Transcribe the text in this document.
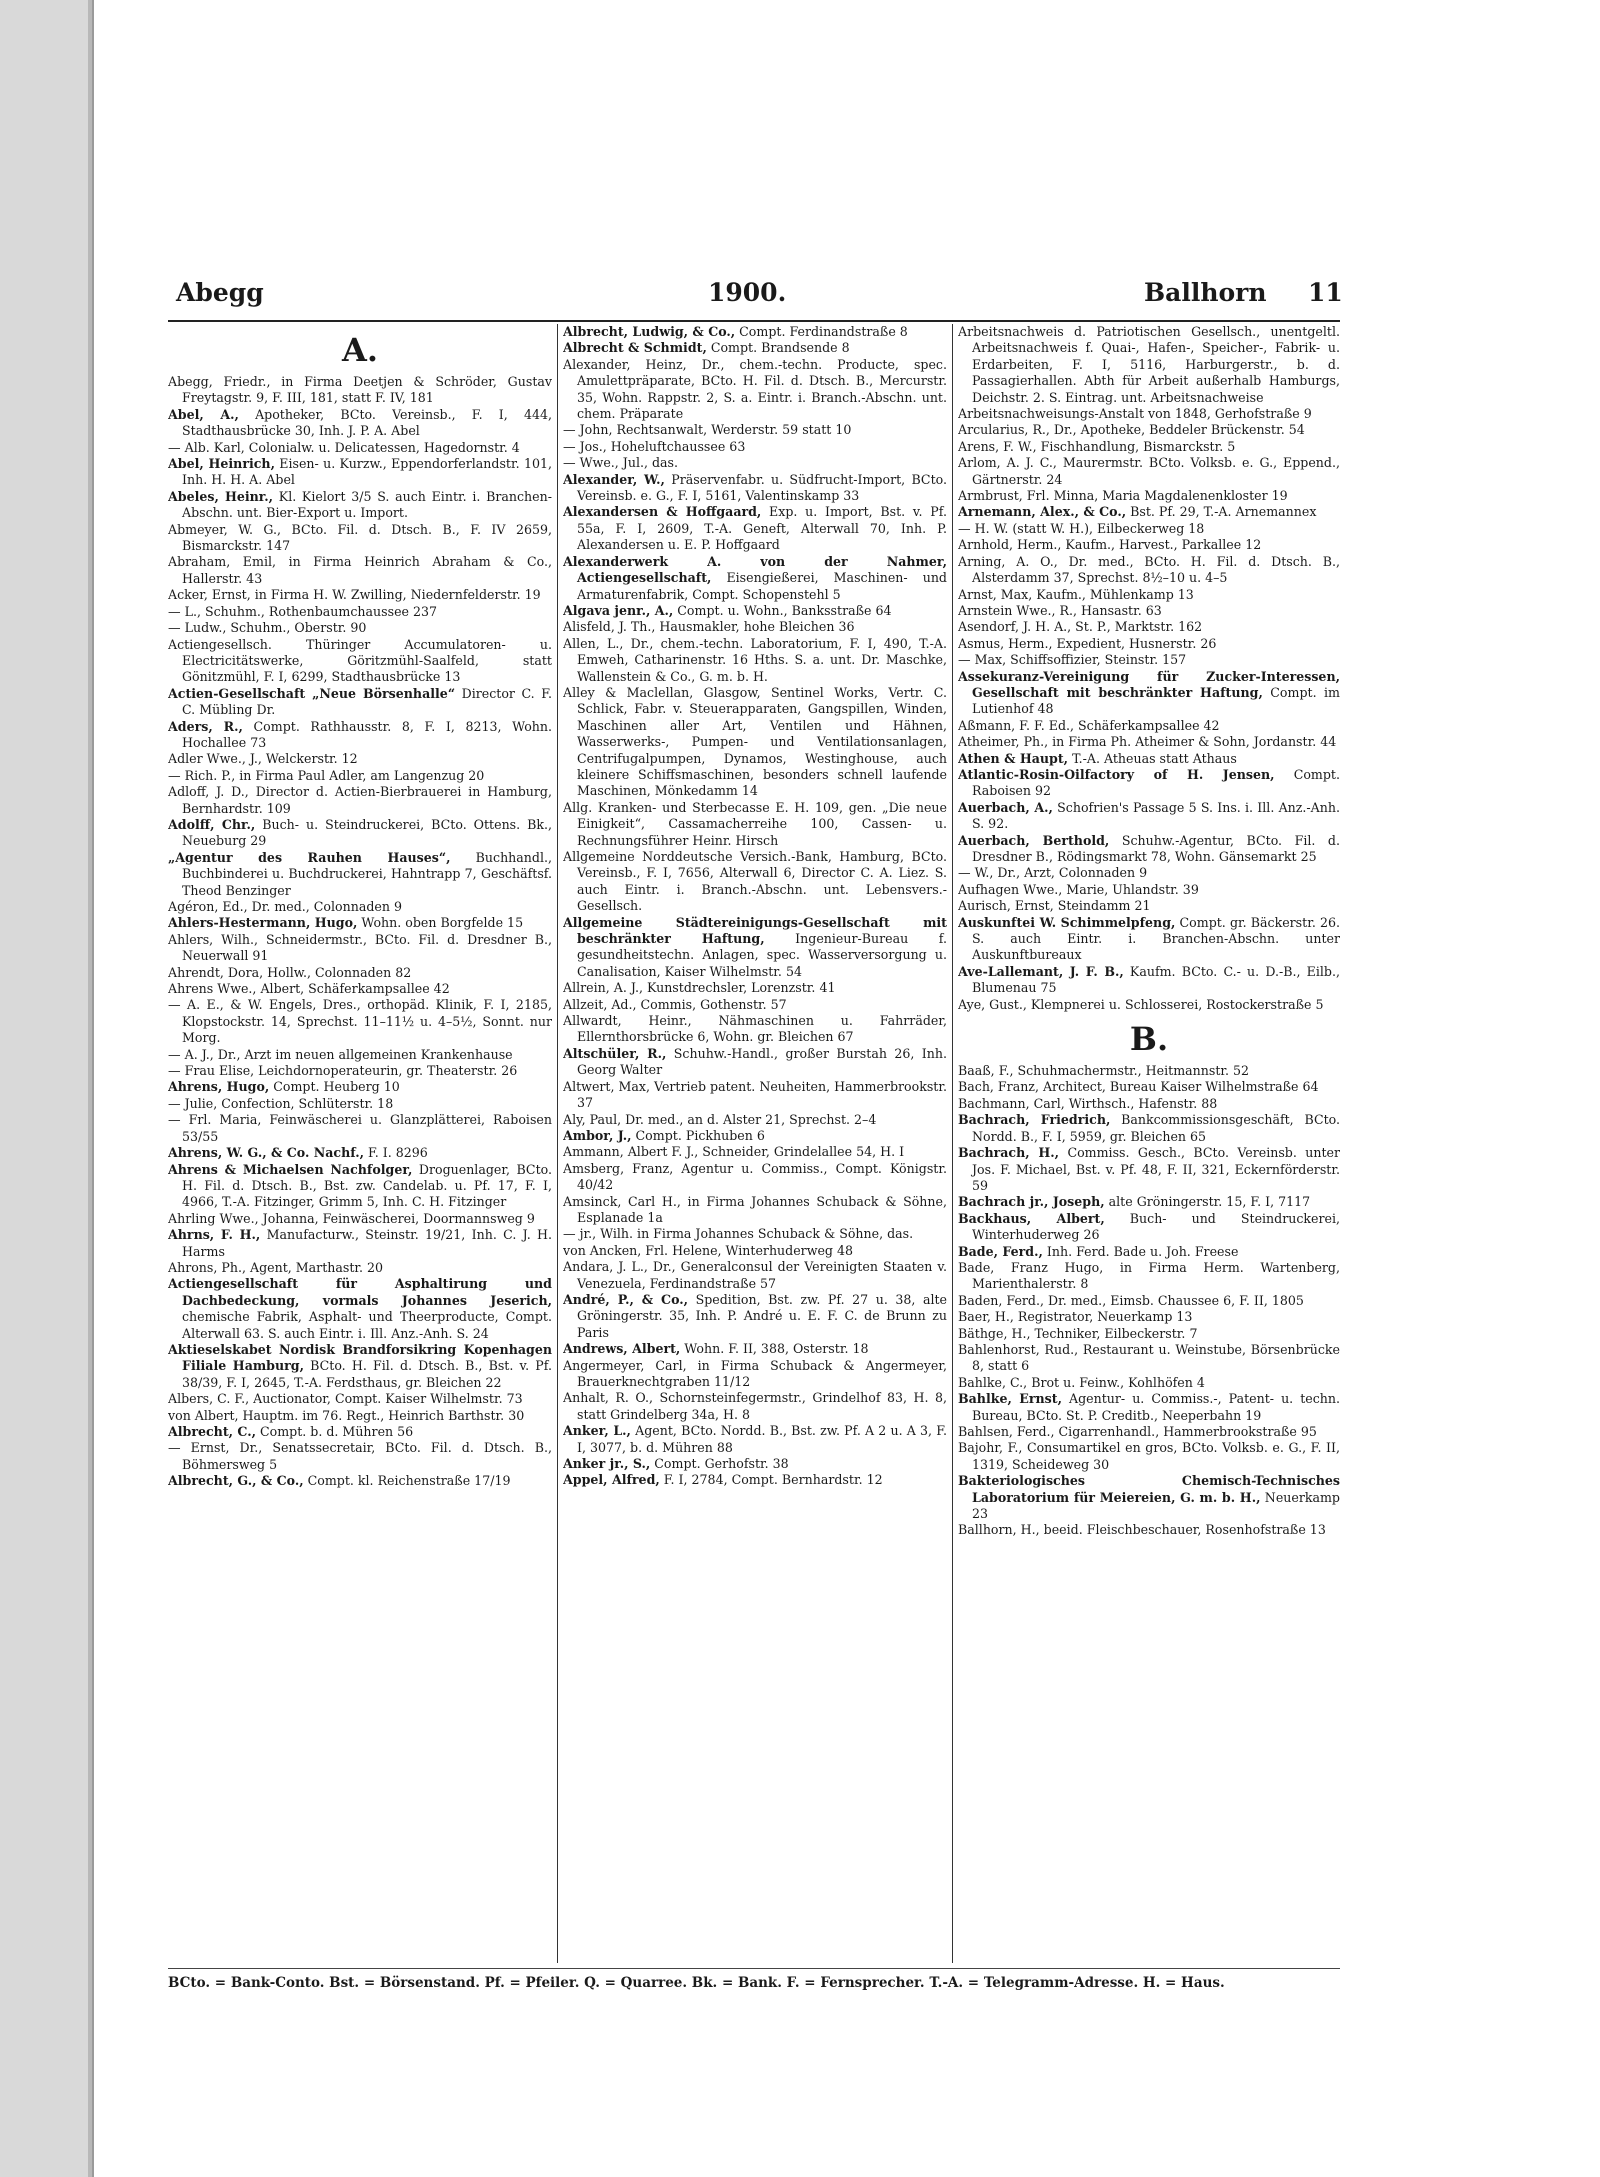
Abegg	1900.	Ballhorn 11
A.

Abegg, Friedr., in Firma Deetjen & Schröder, Gustav Freytagstr. 9, F. III, 181, statt F. IV, 181

Abel, A., Apotheker, BCto. Vereinsb., F. I, 444, Stadthausbrücke 30, Inh. J. P. A. Abel

— Alb. Karl, Colonialw. u. Delicatessen, Hagedornstr. 4

Abel, Heinrich, Eisen- u. Kurzw., Eppendorferlandstr. 101, Inh. H. H. A. Abel

Abeles, Heinr., Kl. Kielort 3/5 S. auch Eintr. i. Branchen-Abschn. unt. Bier-Export u. Import.

Abmeyer, W. G., BCto. Fil. d. Dtsch. B., F. IV 2659, Bismarckstr. 147

Abraham, Emil, in Firma Heinrich Abraham & Co., Hallerstr. 43

Acker, Ernst, in Firma H. W. Zwilling, Niedernfelderstr. 19

— L., Schuhm., Rothenbaumchaussee 237

— Ludw., Schuhm., Oberstr. 90

Actiengesellsch. Thüringer Accumulatoren- u. Electricitätswerke, Göritzmühl-Saalfeld, statt Gönitzmühl, F. I, 6299, Stadthausbrücke 13

Actien-Gesellschaft „Neue Börsenhalle“ Director C. F. C. Mübling Dr.

Aders, R., Compt. Rathhausstr. 8, F. I, 8213, Wohn. Hochallee 73

Adler Wwe., J., Welckerstr. 12

— Rich. P., in Firma Paul Adler, am Langenzug 20

Adloff, J. D., Director d. Actien-Bierbrauerei in Hamburg, Bernhardstr. 109

Adolff, Chr., Buch- u. Steindruckerei, BCto. Ottens. Bk., Neueburg 29

„Agentur des Rauhen Hauses“, Buchhandl., Buchbinderei u. Buchdruckerei, Hahntrapp 7, Geschäftsf. Theod Benzinger

Agéron, Ed., Dr. med., Colonnaden 9

Ahlers-Hestermann, Hugo, Wohn. oben Borgfelde 15

Ahlers, Wilh., Schneidermstr., BCto. Fil. d. Dresdner B., Neuerwall 91

Ahrendt, Dora, Hollw., Colonnaden 82

Ahrens Wwe., Albert, Schäferkampsallee 42

— A. E., & W. Engels, Dres., orthopäd. Klinik, F. I, 2185, Klopstockstr. 14, Sprechst. 11–11½ u. 4–5½, Sonnt. nur Morg.

— A. J., Dr., Arzt im neuen allgemeinen Krankenhause

— Frau Elise, Leichdornoperateurin, gr. Theaterstr. 26

Ahrens, Hugo, Compt. Heuberg 10

— Julie, Confection, Schlüterstr. 18

— Frl. Maria, Feinwäscherei u. Glanzplätterei, Raboisen 53/55

Ahrens, W. G., & Co. Nachf., F. I. 8296

Ahrens & Michaelsen Nachfolger, Droguenlager, BCto. H. Fil. d. Dtsch. B., Bst. zw. Candelab. u. Pf. 17, F. I, 4966, T.-A. Fitzinger, Grimm 5, Inh. C. H. Fitzinger

Ahrling Wwe., Johanna, Feinwäscherei, Doormannsweg 9

Ahrns, F. H., Manufacturw., Steinstr. 19/21, Inh. C. J. H. Harms

Ahrons, Ph., Agent, Marthastr. 20

Actiengesellschaft für Asphaltirung und Dachbedeckung, vormals Johannes Jeserich, chemische Fabrik, Asphalt- und Theerproducte, Compt. Alterwall 63. S. auch Eintr. i. Ill. Anz.-Anh. S. 24

Aktieselskabet Nordisk Brandforsikring Kopenhagen Filiale Hamburg, BCto. H. Fil. d. Dtsch. B., Bst. v. Pf. 38/39, F. I, 2645, T.-A. Ferdsthaus, gr. Bleichen 22

Albers, C. F., Auctionator, Compt. Kaiser Wilhelmstr. 73

von Albert, Hauptm. im 76. Regt., Heinrich Barthstr. 30

Albrecht, C., Compt. b. d. Mühren 56

— Ernst, Dr., Senatssecretair, BCto. Fil. d. Dtsch. B., Böhmersweg 5

Albrecht, G., & Co., Compt. kl. Reichenstraße 17/19

Albrecht, Ludwig, & Co., Compt. Ferdinandstraße 8

Albrecht & Schmidt, Compt. Brandsende 8

Alexander, Heinz, Dr., chem.-techn. Producte, spec. Amulettpräparate, BCto. H. Fil. d. Dtsch. B., Mercurstr. 35, Wohn. Rappstr. 2, S. a. Eintr. i. Branch.-Abschn. unt. chem. Präparate

— John, Rechtsanwalt, Werderstr. 59 statt 10

— Jos., Hoheluftchaussee 63

— Wwe., Jul., das.

Alexander, W., Präservenfabr. u. Südfrucht-Import, BCto. Vereinsb. e. G., F. I, 5161, Valentinskamp 33

Alexandersen & Hoffgaard, Exp. u. Import, Bst. v. Pf. 55a, F. I, 2609, T.-A. Geneft, Alterwall 70, Inh. P. Alexandersen u. E. P. Hoffgaard

Alexanderwerk A. von der Nahmer, Actiengesellschaft, Eisengießerei, Maschinen- und Armaturenfabrik, Compt. Schopenstehl 5

Algava jenr., A., Compt. u. Wohn., Banksstraße 64

Alisfeld, J. Th., Hausmakler, hohe Bleichen 36

Allen, L., Dr., chem.-techn. Laboratorium, F. I, 490, T.-A. Emweh, Catharinenstr. 16 Hths. S. a. unt. Dr. Maschke, Wallenstein & Co., G. m. b. H.

Alley & Maclellan, Glasgow, Sentinel Works, Vertr. C. Schlick, Fabr. v. Steuerapparaten, Gangspillen, Winden, Maschinen aller Art, Ventilen und Hähnen, Wasserwerks-, Pumpen- und Ventilationsanlagen, Centrifugalpumpen, Dynamos, Westinghouse, auch kleinere Schiffsmaschinen, besonders schnell laufende Maschinen, Mönkedamm 14

Allg. Kranken- und Sterbecasse E. H. 109, gen. „Die neue Einigkeit“, Cassamacherreihe 100, Cassen- u. Rechnungsführer Heinr. Hirsch

Allgemeine Norddeutsche Versich.-Bank, Hamburg, BCto. Vereinsb., F. I, 7656, Alterwall 6, Director C. A. Liez. S. auch Eintr. i. Branch.-Abschn. unt. Lebensvers.-Gesellsch.

Allgemeine Städtereinigungs-Gesellschaft mit beschränkter Haftung, Ingenieur-Bureau f. gesundheitstechn. Anlagen, spec. Wasserversorgung u. Canalisation, Kaiser Wilhelmstr. 54

Allrein, A. J., Kunstdrechsler, Lorenzstr. 41

Allzeit, Ad., Commis, Gothenstr. 57

Allwardt, Heinr., Nähmaschinen u. Fahrräder, Ellernthorsbrücke 6, Wohn. gr. Bleichen 67

Altschüler, R., Schuhw.-Handl., großer Burstah 26, Inh. Georg Walter

Altwert, Max, Vertrieb patent. Neuheiten, Hammerbrookstr. 37

Aly, Paul, Dr. med., an d. Alster 21, Sprechst. 2–4

Ambor, J., Compt. Pickhuben 6

Ammann, Albert F. J., Schneider, Grindelallee 54, H. I

Amsberg, Franz, Agentur u. Commiss., Compt. Königstr. 40/42

Amsinck, Carl H., in Firma Johannes Schuback & Söhne, Esplanade 1a

— jr., Wilh. in Firma Johannes Schuback & Söhne, das.

von Ancken, Frl. Helene, Winterhuderweg 48

Andara, J. L., Dr., Generalconsul der Vereinigten Staaten v. Venezuela, Ferdinandstraße 57

André, P., & Co., Spedition, Bst. zw. Pf. 27 u. 38, alte Gröningerstr. 35, Inh. P. André u. E. F. C. de Brunn zu Paris

Andrews, Albert, Wohn. F. II, 388, Osterstr. 18

Angermeyer, Carl, in Firma Schuback & Angermeyer, Brauerknechtgraben 11/12

Anhalt, R. O., Schornsteinfegermstr., Grindelhof 83, H. 8, statt Grindelberg 34a, H. 8

Anker, L., Agent, BCto. Nordd. B., Bst. zw. Pf. A 2 u. A 3, F. I, 3077, b. d. Mühren 88

Anker jr., S., Compt. Gerhofstr. 38

Appel, Alfred, F. I, 2784, Compt. Bernhardstr. 12

Arbeitsnachweis d. Patriotischen Gesellsch., unentgeltl. Arbeitsnachweis f. Quai-, Hafen-, Speicher-, Fabrik- u. Erdarbeiten, F. I, 5116, Harburgerstr., b. d. Passagierhallen. Abth für Arbeit außerhalb Hamburgs, Deichstr. 2. S. Eintrag. unt. Arbeitsnachweise

Arbeitsnachweisungs-Anstalt von 1848, Gerhofstraße 9

Arcularius, R., Dr., Apotheke, Beddeler Brückenstr. 54

Arens, F. W., Fischhandlung, Bismarckstr. 5

Arlom, A. J. C., Maurermstr. BCto. Volksb. e. G., Eppend., Gärtnerstr. 24

Armbrust, Frl. Minna, Maria Magdalenenkloster 19

Arnemann, Alex., & Co., Bst. Pf. 29, T.-A. Arnemannex

— H. W. (statt W. H.), Eilbeckerweg 18

Arnhold, Herm., Kaufm., Harvest., Parkallee 12

Arning, A. O., Dr. med., BCto. H. Fil. d. Dtsch. B., Alsterdamm 37, Sprechst. 8½–10 u. 4–5

Arnst, Max, Kaufm., Mühlenkamp 13

Arnstein Wwe., R., Hansastr. 63

Asendorf, J. H. A., St. P., Marktstr. 162

Asmus, Herm., Expedient, Husnerstr. 26

— Max, Schiffsoffizier, Steinstr. 157

Assekuranz-Vereinigung für Zucker-Interessen, Gesellschaft mit beschränkter Haftung, Compt. im Lutienhof 48

Aßmann, F. F. Ed., Schäferkampsallee 42

Atheimer, Ph., in Firma Ph. Atheimer & Sohn, Jordanstr. 44

Athen & Haupt, T.-A. Atheuas statt Athaus

Atlantic-Rosin-Oilfactory of H. Jensen, Compt. Raboisen 92

Auerbach, A., Schofrien's Passage 5 S. Ins. i. Ill. Anz.-Anh. S. 92.

Auerbach, Berthold, Schuhw.-Agentur, BCto. Fil. d. Dresdner B., Rödingsmarkt 78, Wohn. Gänsemarkt 25

— W., Dr., Arzt, Colonnaden 9

Aufhagen Wwe., Marie, Uhlandstr. 39

Aurisch, Ernst, Steindamm 21

Auskunftei W. Schimmelpfeng, Compt. gr. Bäckerstr. 26. S. auch Eintr. i. Branchen-Abschn. unter Auskunftbureaux

Ave-Lallemant, J. F. B., Kaufm. BCto. C.- u. D.-B., Eilb., Blumenau 75

Aye, Gust., Klempnerei u. Schlosserei, Rostockerstraße 5

B.

Baaß, F., Schuhmachermstr., Heitmannstr. 52

Bach, Franz, Architect, Bureau Kaiser Wilhelmstraße 64

Bachmann, Carl, Wirthsch., Hafenstr. 88

Bachrach, Friedrich, Bankcommissionsgeschäft, BCto. Nordd. B., F. I, 5959, gr. Bleichen 65

Bachrach, H., Commiss. Gesch., BCto. Vereinsb. unter Jos. F. Michael, Bst. v. Pf. 48, F. II, 321, Eckernförderstr. 59

Bachrach jr., Joseph, alte Gröningerstr. 15, F. I, 7117

Backhaus, Albert, Buch- und Steindruckerei, Winterhuderweg 26

Bade, Ferd., Inh. Ferd. Bade u. Joh. Freese

Bade, Franz Hugo, in Firma Herm. Wartenberg, Marienthalerstr. 8

Baden, Ferd., Dr. med., Eimsb. Chaussee 6, F. II, 1805

Baer, H., Registrator, Neuerkamp 13

Bäthge, H., Techniker, Eilbeckerstr. 7

Bahlenhorst, Rud., Restaurant u. Weinstube, Börsenbrücke 8, statt 6

Bahlke, C., Brot u. Feinw., Kohlhöfen 4

Bahlke, Ernst, Agentur- u. Commiss.-, Patent- u. techn. Bureau, BCto. St. P. Creditb., Neeperbahn 19

Bahlsen, Ferd., Cigarrenhandl., Hammerbrookstraße 95

Bajohr, F., Consumartikel en gros, BCto. Volksb. e. G., F. II, 1319, Scheideweg 30

Bakteriologisches Chemisch-Technisches Laboratorium für Meiereien, G. m. b. H., Neuerkamp 23

Ballhorn, H., beeid. Fleischbeschauer, Rosenhofstraße 13

BCto. = Bank-Conto. Bst. = Börsenstand. Pf. = Pfeiler. Q. = Quarree. Bk. = Bank. F. = Fernsprecher. T.-A. = Telegramm-Adresse. H. = Haus.
